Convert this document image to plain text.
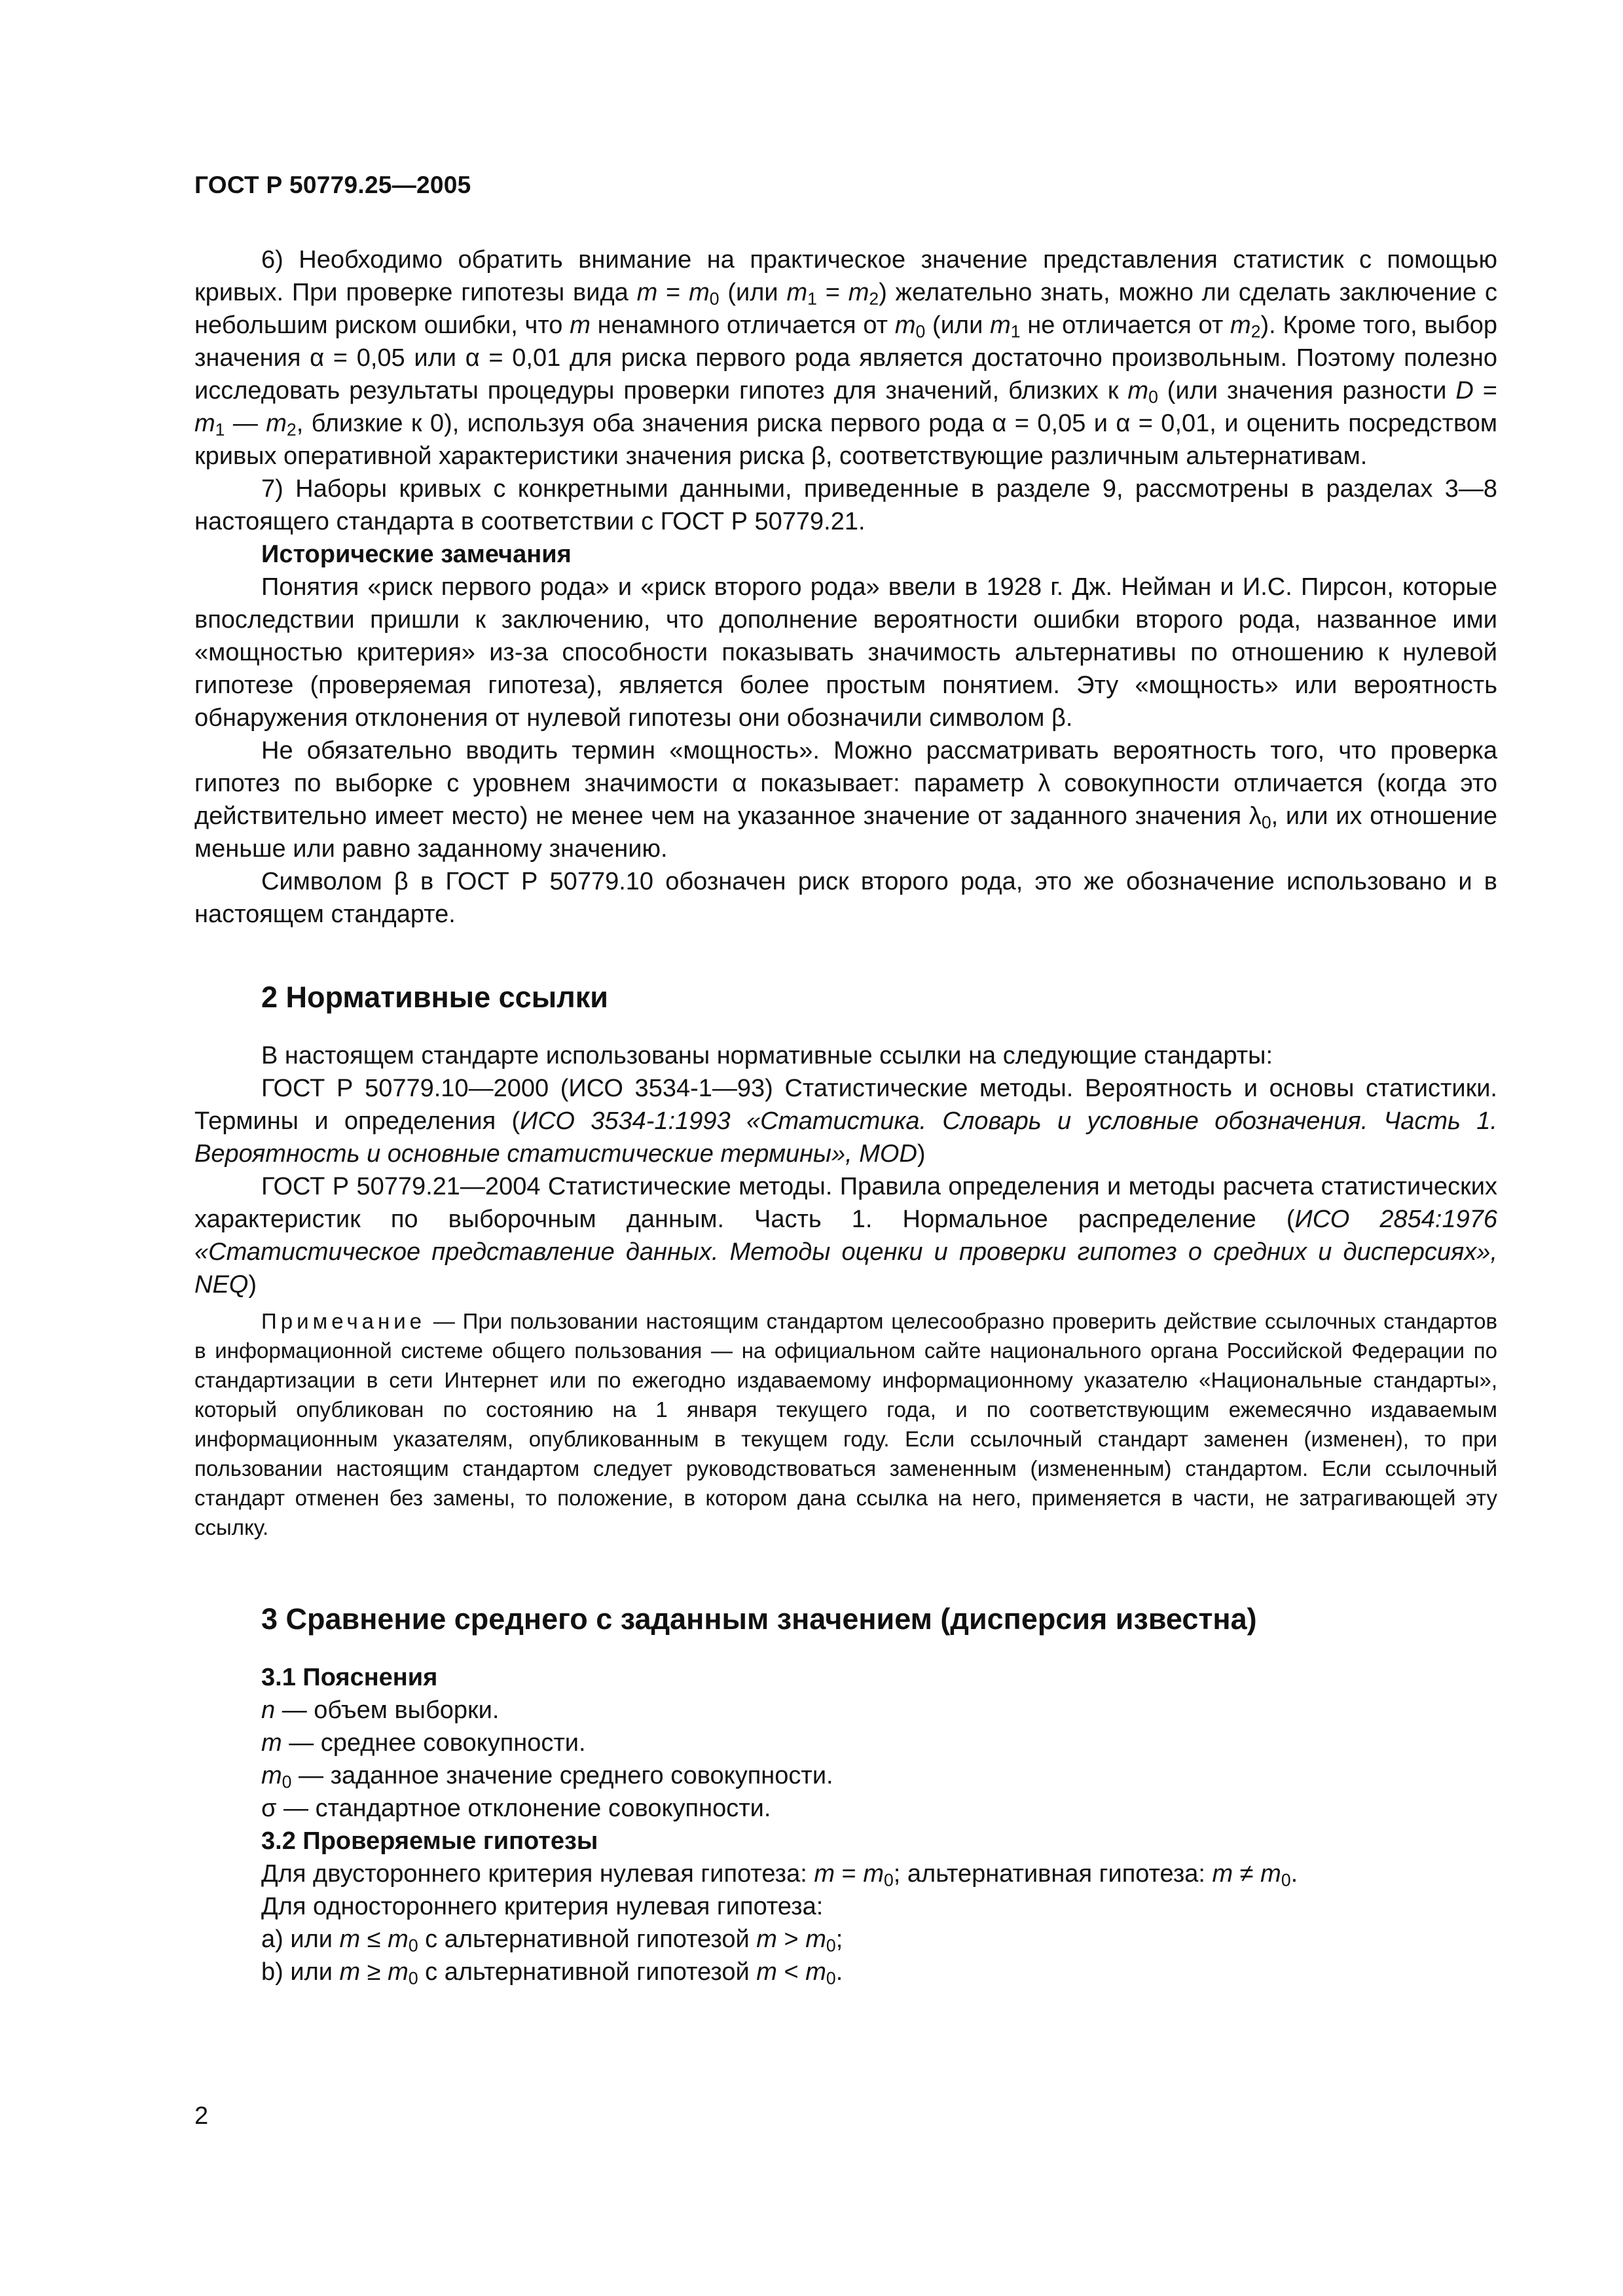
ГОСТ Р 50779.25—2005

6) Необходимо обратить внимание на практическое значение представления статистик с помощью кривых. При проверке гипотезы вида $m = m_0$ (или $m_1 = m_2$) желательно знать, можно ли сделать заключение с небольшим риском ошибки, что m ненамного отличается от $m_0$ (или $m_1$ не отличается от $m_2$). Кроме того, выбор значения α = 0,05 или α = 0,01 для риска первого рода является достаточно произвольным. Поэтому полезно исследовать результаты процедуры проверки гипотез для значений, близких к $m_0$ (или значения разности $D = m_1$ — $m_2$, близкие к 0), используя оба значения риска первого рода α = 0,05 и α = 0,01, и оценить посредством кривых оперативной характеристики значения риска β, соответствующие различным альтернативам.

7) Наборы кривых с конкретными данными, приведенные в разделе 9, рассмотрены в разделах 3—8 настоящего стандарта в соответствии с ГОСТ Р 50779.21.

Исторические замечания

Понятия «риск первого рода» и «риск второго рода» ввели в 1928 г. Дж. Нейман и И.С. Пирсон, которые впоследствии пришли к заключению, что дополнение вероятности ошибки второго рода, названное ими «мощностью критерия» из-за способности показывать значимость альтернативы по отношению к нулевой гипотезе (проверяемая гипотеза), является более простым понятием. Эту «мощность» или вероятность обнаружения отклонения от нулевой гипотезы они обозначили символом β.

Не обязательно вводить термин «мощность». Можно рассматривать вероятность того, что проверка гипотез по выборке с уровнем значимости α показывает: параметр λ совокупности отличается (когда это действительно имеет место) не менее чем на указанное значение от заданного значения $\lambda_0$, или их отношение меньше или равно заданному значению.

Символом β в ГОСТ Р 50779.10 обозначен риск второго рода, это же обозначение использовано и в настоящем стандарте.

2 Нормативные ссылки

В настоящем стандарте использованы нормативные ссылки на следующие стандарты:

ГОСТ Р 50779.10—2000 (ИСО 3534-1—93) Статистические методы. Вероятность и основы статистики. Термины и определения (ИСО 3534-1:1993 «Статистика. Словарь и условные обозначения. Часть 1. Вероятность и основные статистические термины», MOD)

ГОСТ Р 50779.21—2004 Статистические методы. Правила определения и методы расчета статистических характеристик по выборочным данным. Часть 1. Нормальное распределение (ИСО 2854:1976 «Статистическое представление данных. Методы оценки и проверки гипотез о средних и дисперсиях», NEQ)

Примечание — При пользовании настоящим стандартом целесообразно проверить действие ссылочных стандартов в информационной системе общего пользования — на официальном сайте национального органа Российской Федерации по стандартизации в сети Интернет или по ежегодно издаваемому информационному указателю «Национальные стандарты», который опубликован по состоянию на 1 января текущего года, и по соответствующим ежемесячно издаваемым информационным указателям, опубликованным в текущем году. Если ссылочный стандарт заменен (изменен), то при пользовании настоящим стандартом следует руководствоваться замененным (измененным) стандартом. Если ссылочный стандарт отменен без замены, то положение, в котором дана ссылка на него, применяется в части, не затрагивающей эту ссылку.

3 Сравнение среднего с заданным значением (дисперсия известна)

3.1 Пояснения

n — объем выборки.

m — среднее совокупности.

$m_0$ — заданное значение среднего совокупности.

σ — стандартное отклонение совокупности.

3.2 Проверяемые гипотезы

Для двустороннего критерия нулевая гипотеза: $m = m_0$; альтернативная гипотеза: $m \ne m_0$.

Для одностороннего критерия нулевая гипотеза:

a) или $m \le m_0$ с альтернативной гипотезой $m > m_0$;

b) или $m \ge m_0$ с альтернативной гипотезой $m < m_0$.

2
